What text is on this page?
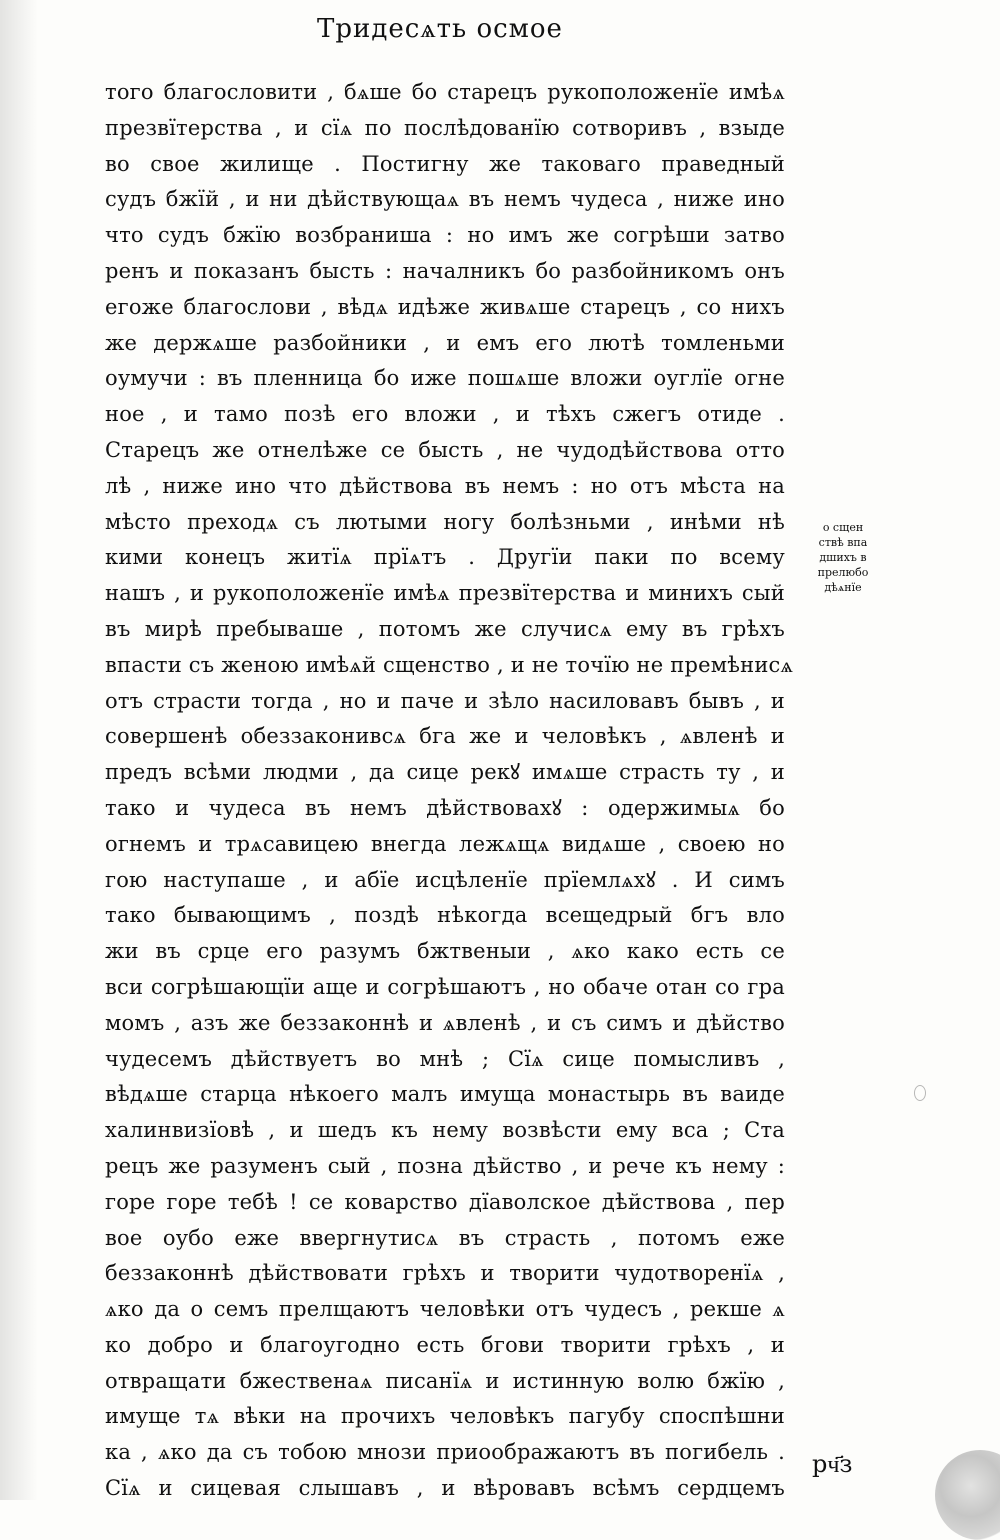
Тридесѧть осмое
того благословити , бѧше бо старецъ рукоположенїе имѣѧ
презвїтерства , и сїѧ по послѣдованїю сотворивъ , взыде
во свое жилище . Постигну же таковаго праведный
судъ бжїй , и ни дѣйствующаѧ въ немъ чудеса , ниже ино
что судъ бжїю возбраниша : но имъ же согрѣши затво
ренъ и показанъ бысть : началникъ бо разбойникомъ онъ
егоже благослови , вѣдѧ идѣже живѧше старецъ , со нихъ
же держѧше разбойники , и емъ его лютѣ томленьми
оумучи : въ пленница бо иже пошѧше вложи оуглїе огне
ное , и тамо позѣ его вложи , и тѣхъ сжегъ отиде .
Старецъ же отнелѣже се бысть , не чудодѣйствова отто
лѣ , ниже ино что дѣйствова въ немъ : но отъ мѣста на
мѣсто преходѧ съ лютыми ногу болѣзньми , инѣми нѣ
кими конецъ житїѧ прїѧтъ . Другїи паки по всему
нашъ , и рукоположенїе имѣѧ презвїтерства и минихъ сый
въ мирѣ пребываше , потомъ же случисѧ ему въ грѣхъ
впасти съ женою имѣѧй сщенство , и не точїю не премѣнисѧ
отъ страсти тогда , но и паче и зѣло насиловавъ бывъ , и
совершенѣ обеззаконивсѧ бга же и человѣкъ , ѧвленѣ и
предъ всѣми людми , да сице рекꙋ имѧше страсть ту , и
тако и чудеса въ немъ дѣйствовахꙋ : одержимыѧ бо
огнемъ и трѧсавицею внегда лежѧщѧ видѧше , своею но
гою наступаше , и абїе исцѣленїе прїемлѧхꙋ . И симъ
тако бывающимъ , поздѣ нѣкогда всещедрый бгъ вло
жи въ срце его разумъ бжтвеныи , ѧко како есть се
вси согрѣшающїи аще и согрѣшаютъ , но обаче отан со гра
момъ , азъ же беззаконнѣ и ѧвленѣ , и съ симъ и дѣйство
чудесемъ дѣйствуетъ во мнѣ ; Сїѧ сице помысливъ ,
вѣдѧше старца нѣкоего малъ имуща монастырь въ ваиде
халинвизїовѣ , и шедъ къ нему возвѣсти ему вса ; Ста
рецъ же разуменъ сый , позна дѣйство , и рече къ нему :
горе горе тебѣ ! се коварство дїаволское дѣйствова , пер
вое оубо еже ввергнутисѧ въ страсть , потомъ еже
беззаконнѣ дѣйствовати грѣхъ и творити чудотворенїѧ ,
ѧко да о семъ прелщаютъ человѣки отъ чудесъ , рекше ѧ
ко добро и благоугодно есть бгови творити грѣхъ , и
отвращати бжественаѧ писанїѧ и истинную волю бжїю ,
имуще тѧ вѣки на прочихъ человѣкъ пагубу споспѣшни
ка , ѧко да съ тобою мнози приоображаютъ въ погибель .
Сїѧ и сицевая слышавъ , и вѣровавъ всѣмъ сердцемъ
о сщен
ствѣ впа
дшихъ в
прелюбо
дѣѧнїе
рч҃з
